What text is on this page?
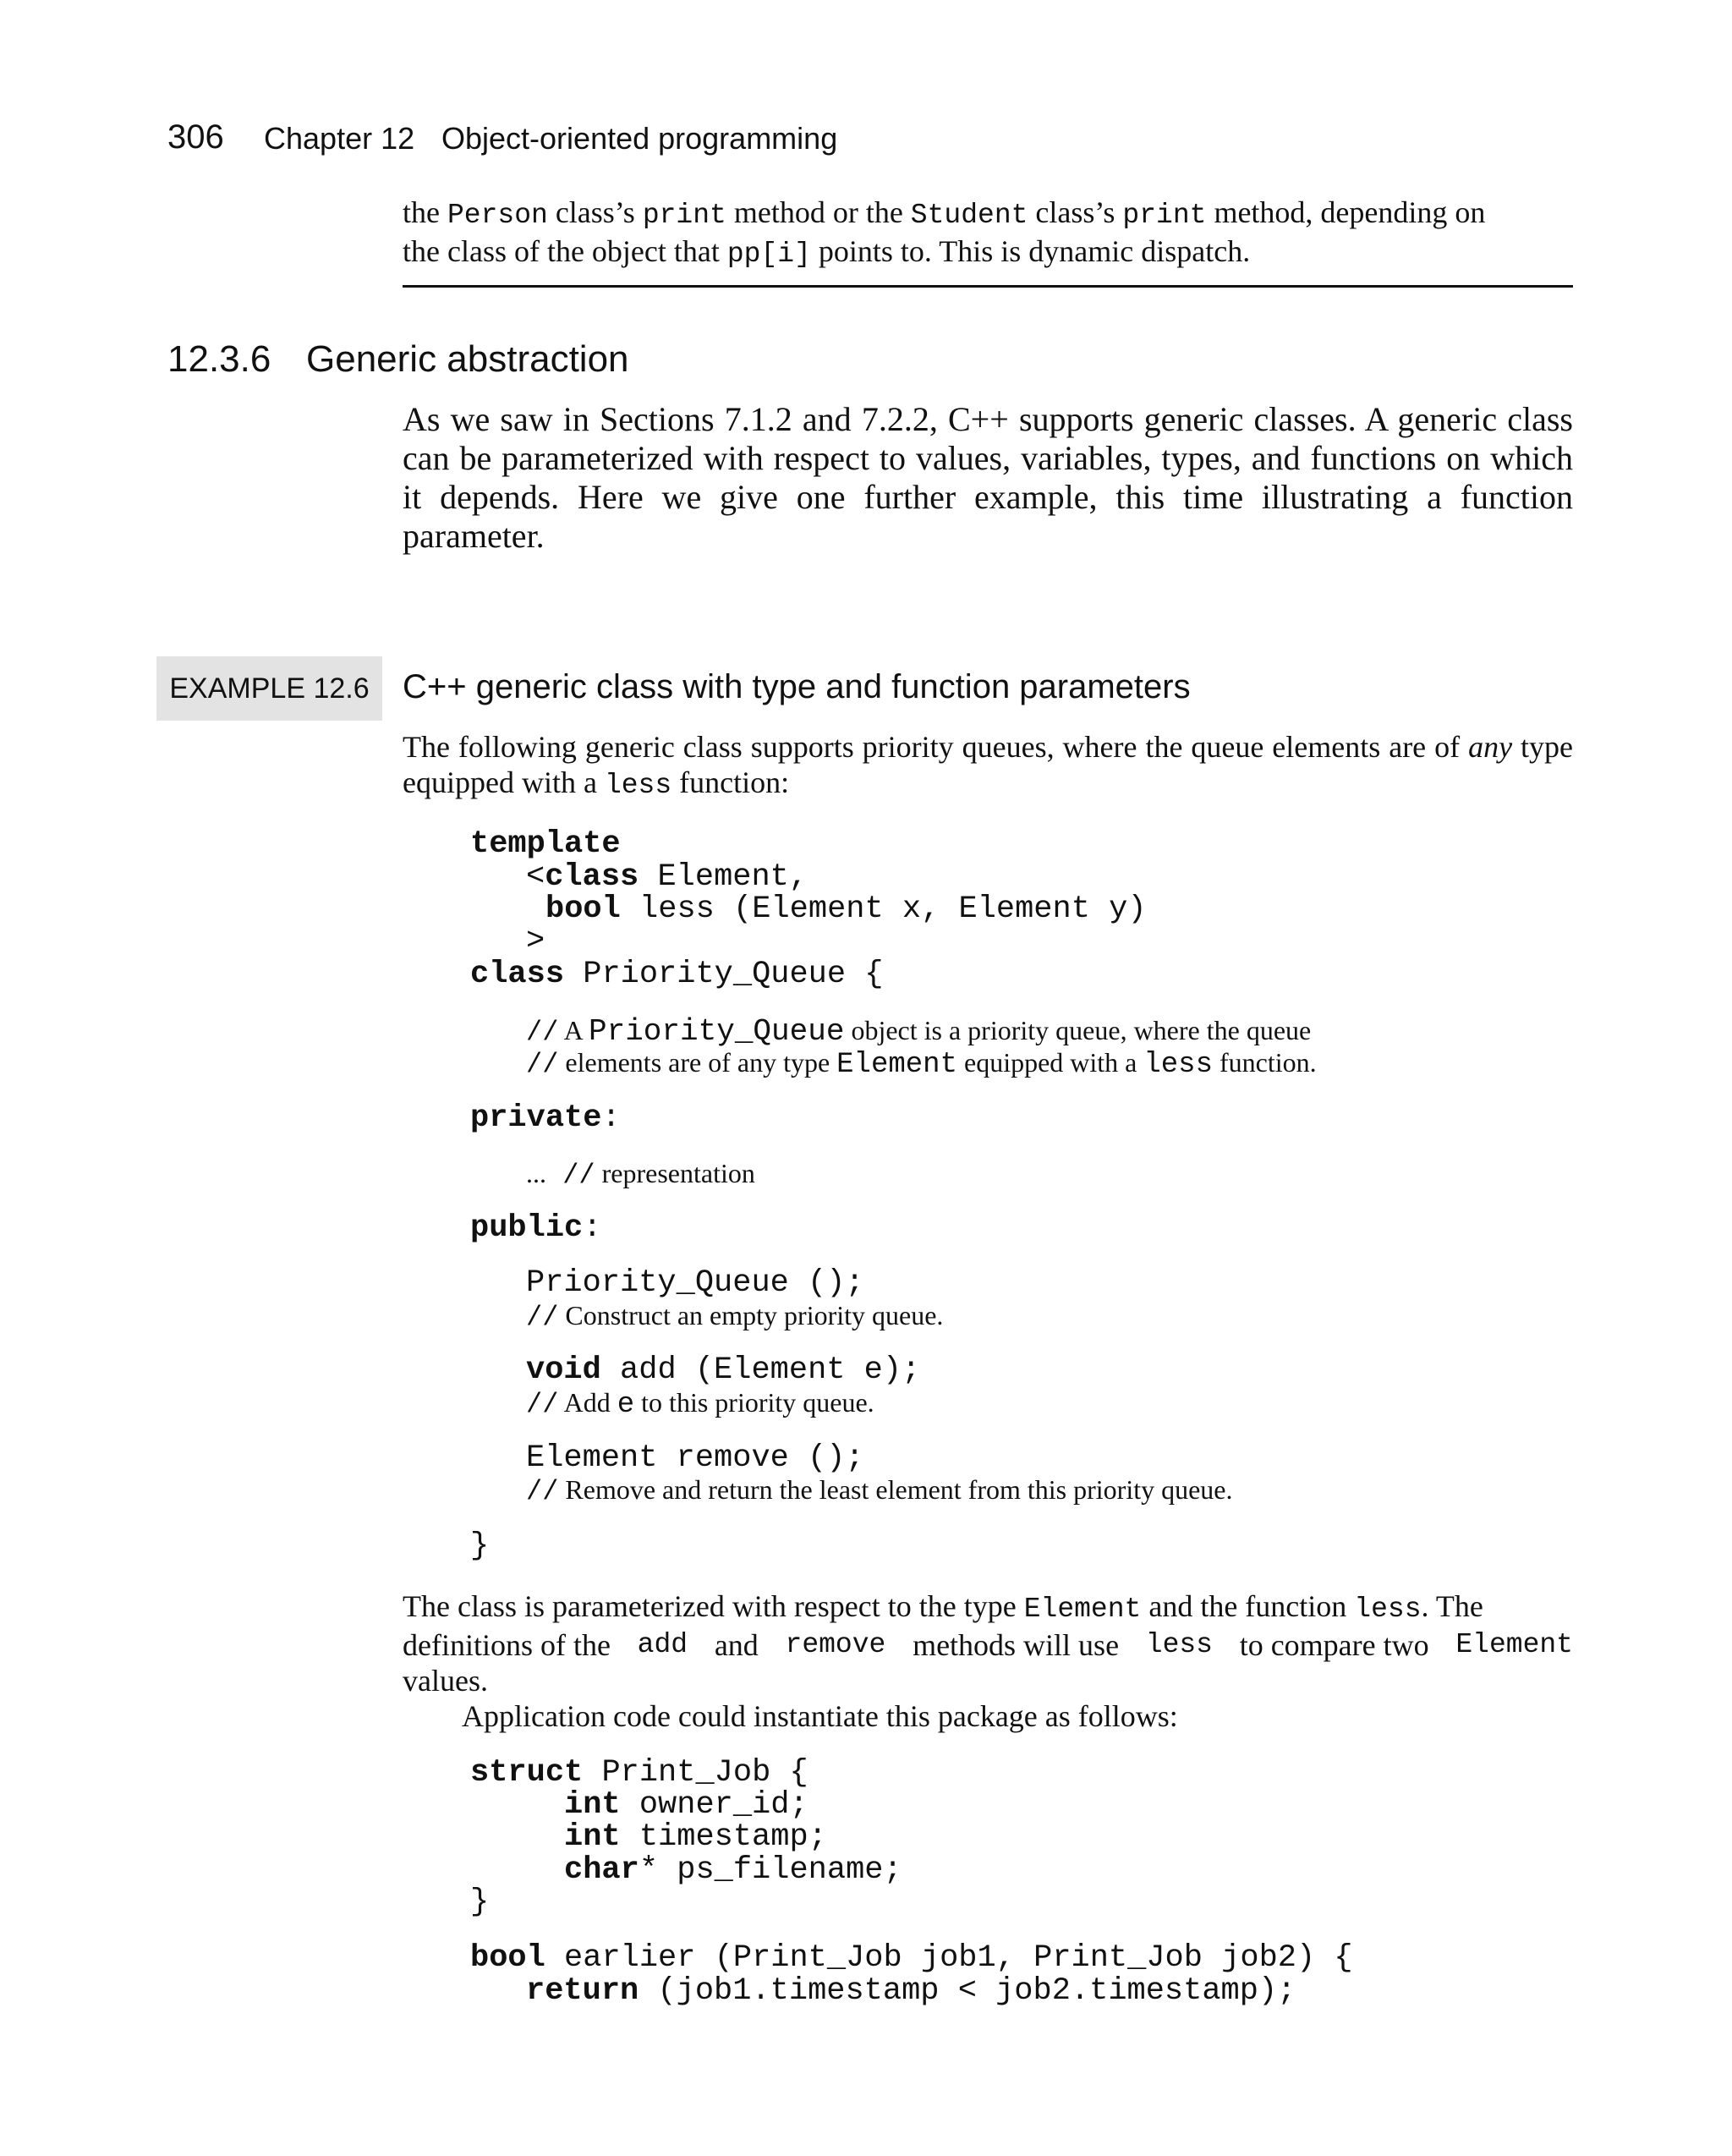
306 Chapter 12 Object-oriented programming
the Person class’s print method or the Student class’s print method, depending on
the class of the object that pp[i] points to. This is dynamic dispatch.
12.3.6 Generic abstraction
As we saw in Sections 7.1.2 and 7.2.2, C++ supports generic classes. A generic class can be parameterized with respect to values, variables, types, and functions on which it depends. Here we give one further example, this time illustrating a function parameter.
EXAMPLE 12.6 C++ generic class with type and function parameters
The following generic class supports priority queues, where the queue elements are of any type equipped with a less function:
template
<class Element,
bool less (Element x, Element y)
>
class Priority_Queue {
// A Priority_Queue object is a priority queue, where the queue
// elements are of any type Element equipped with a less function.
private:
... // representation
public:
Priority_Queue ();
// Construct an empty priority queue.
void add (Element e);
// Add e to this priority queue.
Element remove ();
// Remove and return the least element from this priority queue.
}
The class is parameterized with respect to the type Element and the function less. The
definitions of the add and remove methods will use less to compare two Element
values.
Application code could instantiate this package as follows:
struct Print_Job {
int owner_id;
int timestamp;
char* ps_filename;
}
bool earlier (Print_Job job1, Print_Job job2) {
return (job1.timestamp < job2.timestamp);
